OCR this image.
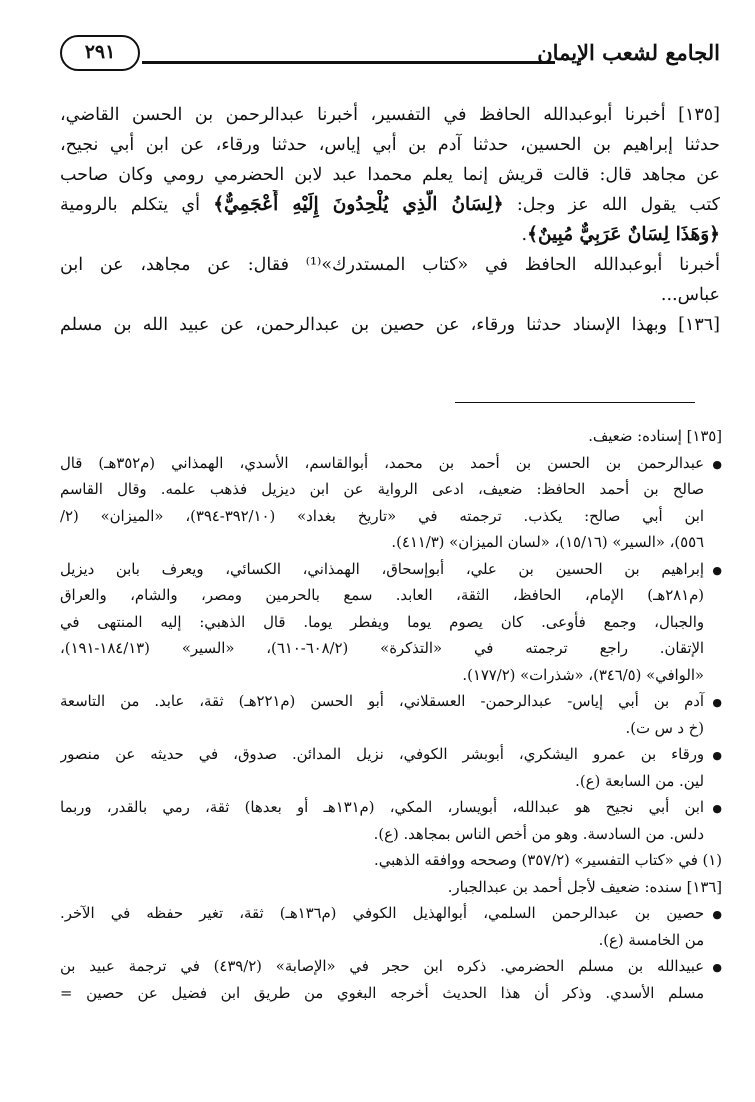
الجامع لشعب الإيمان
٢٩١
[١٣٥] أخبرنا أبوعبدالله الحافظ في التفسير، أخبرنا عبدالرحمن بن الحسن القاضي،
حدثنا إبراهيم بن الحسين، حدثنا آدم بن أبي إياس، حدثنا ورقاء، عن ابن أبي نجيح،
عن مجاهد قال: قالت قريش إنما يعلم محمدا عبد لابن الحضرمي رومي وكان صاحب
كتب يقول الله عز وجل: ﴿لِسَانُ الَّذِي يُلْحِدُونَ إِلَيْهِ أَعْجَمِيٌّ﴾ أي يتكلم بالرومية
﴿وَهَذَا لِسَانٌ عَرَبِيٌّ مُبِينٌ﴾.
أخبرنا أبوعبدالله الحافظ في «كتاب المستدرك»⁽¹⁾ فقال: عن مجاهد، عن ابن
عباس...
[١٣٦] وبهذا الإسناد حدثنا ورقاء، عن حصين بن عبدالرحمن، عن عبيد الله بن مسلم
[١٣٥] إسناده: ضعيف.
● عبدالرحمن بن الحسن بن أحمد بن محمد، أبوالقاسم، الأسدي، الهمذاني (م٣٥٢هـ) قال
صالح بن أحمد الحافظ: ضعيف، ادعى الرواية عن ابن ديزيل فذهب علمه. وقال القاسم
ابن أبي صالح: يكذب. ترجمته في «تاريخ بغداد» (٣٩٢/١٠-٣٩٤)، «الميزان» (٢/
٥٥٦)، «السير» (١٥/١٦)، «لسان الميزان» (٤١١/٣).
● إبراهيم بن الحسين بن علي، أبوإسحاق، الهمذاني، الكسائي، ويعرف بابن ديزيل
(م٢٨١هـ) الإمام، الحافظ، الثقة، العابد. سمع بالحرمين ومصر، والشام، والعراق
والجبال، وجمع فأوعى. كان يصوم يوما ويفطر يوما. قال الذهبي: إليه المنتهى في
الإتقان. راجع ترجمته في «التذكرة» (٦٠٨/٢-٦١٠)، «السير» (١٨٤/١٣-١٩١)،
«الوافي» (٣٤٦/٥)، «شذرات» (١٧٧/٢).
● آدم بن أبي إياس- عبدالرحمن- العسقلاني، أبو الحسن (م٢٢١هـ) ثقة، عابد. من التاسعة
(خ د س ت).
● ورقاء بن عمرو اليشكري، أبوبشر الكوفي، نزيل المدائن. صدوق، في حديثه عن منصور
لين. من السابعة (ع).
● ابن أبي نجيح هو عبدالله، أبويسار، المكي، (م١٣١هـ أو بعدها) ثقة، رمي بالقدر، وربما
دلس. من السادسة. وهو من أخص الناس بمجاهد. (ع).
(١) في «كتاب التفسير» (٣٥٧/٢) وصححه ووافقه الذهبي.
[١٣٦] سنده: ضعيف لأجل أحمد بن عبدالجبار.
● حصين بن عبدالرحمن السلمي، أبوالهذيل الكوفي (م١٣٦هـ) ثقة، تغير حفظه في الآخر.
من الخامسة (ع).
● عبيدالله بن مسلم الحضرمي. ذكره ابن حجر في «الإصابة» (٤٣٩/٢) في ترجمة عبيد بن
مسلم الأسدي. وذكر أن هذا الحديث أخرجه البغوي من طريق ابن فضيل عن حصين =
